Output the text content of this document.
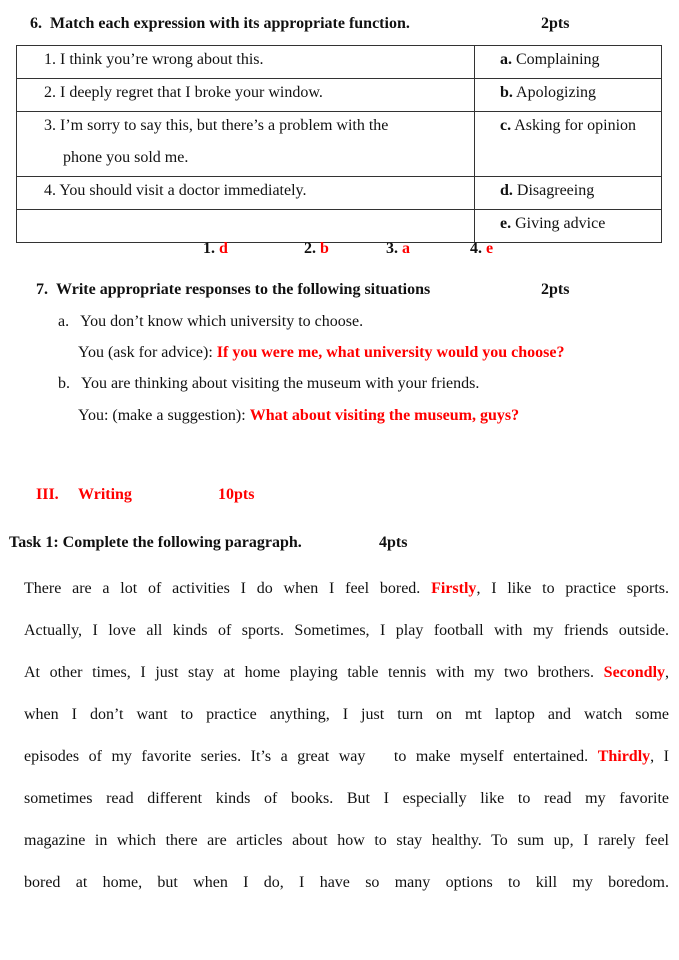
6. Match each expression with its appropriate function.	2pts
1. I think you’re wrong about this.	a. Complaining

2. I deeply regret that I broke your window.	b. Apologizing

3. I’m sorry to say this, but there’s a problem with the
phone you sold me.	c. Asking for opinion

4. You should visit a doctor immediately.	d. Disagreeing

	e. Giving advice
1. d	2. b	3. a	4. e
7. Write appropriate responses to the following situations	2pts
a. You don’t know which university to choose.
You (ask for advice): If you were me, what university would you choose?
b. You are thinking about visiting the museum with your friends.
You: (make a suggestion): What about visiting the museum, guys?
III. Writing	10pts
Task 1: Complete the following paragraph.	4pts
There are a lot of activities I do when I feel bored. Firstly, I like to practice sports.
Actually, I love all kinds of sports. Sometimes, I play football with my friends outside.
At other times, I just stay at home playing table tennis with my two brothers. Secondly,
when I don’t want to practice anything, I just turn on mt laptop and watch some
episodes of my favorite series. It’s a great way   to make myself entertained. Thirdly, I
sometimes read different kinds of books. But I especially like to read my favorite
magazine in which there are articles about how to stay healthy. To sum up, I rarely feel
bored at home, but when I do, I have so many options to kill my boredom.
